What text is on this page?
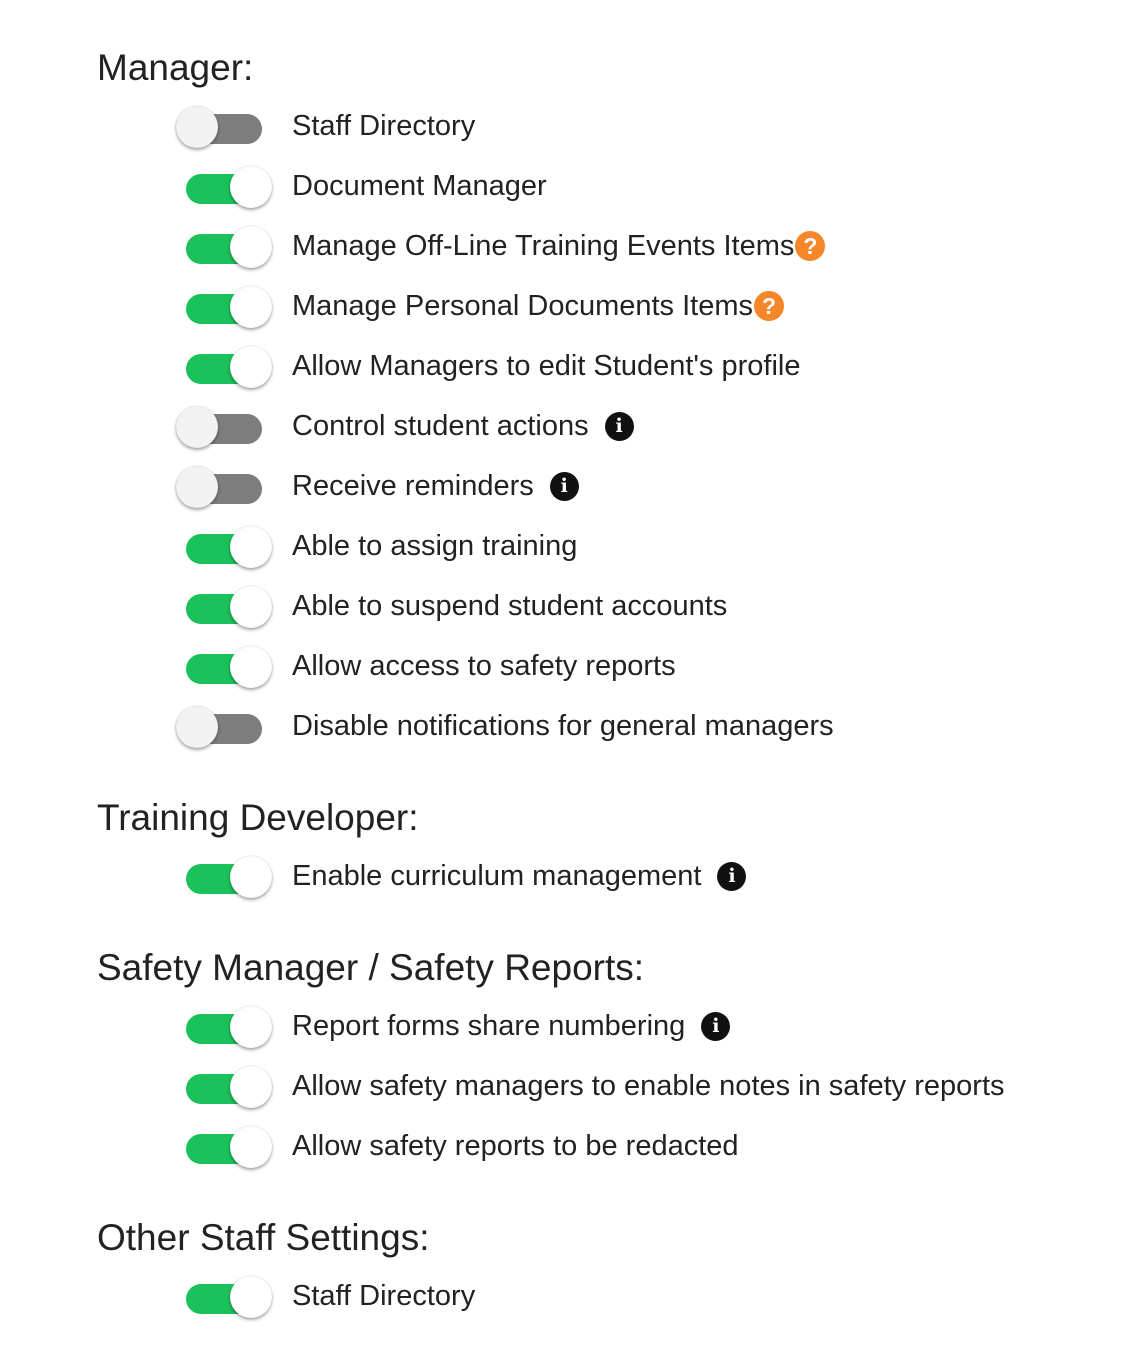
Manager:
Staff Directory
Document Manager
Manage Off-Line Training Events Items ?
Manage Personal Documents Items ?
Allow Managers to edit Student's profile
Control student actions	i
Receive reminders	i
Able to assign training
Able to suspend student accounts
Allow access to safety reports
Disable notifications for general managers
Training Developer:
Enable curriculum management	i
Safety Manager / Safety Reports:
Report forms share numbering	i
Allow safety managers to enable notes in safety reports
Allow safety reports to be redacted
Other Staff Settings:
Staff Directory
